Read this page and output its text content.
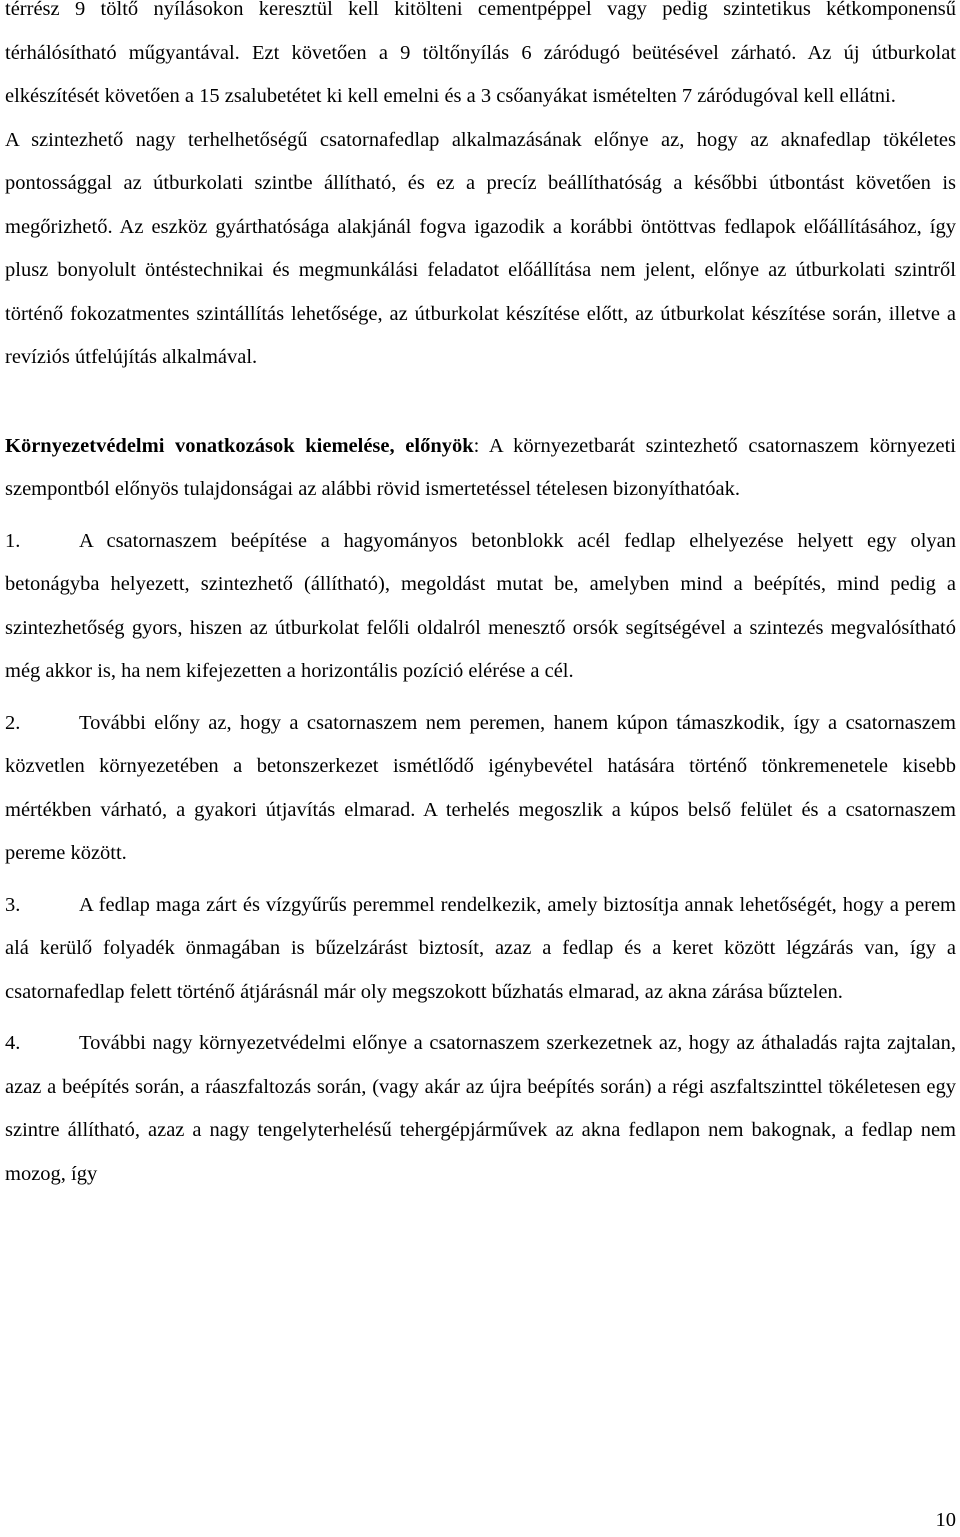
térrész 9 töltő nyílásokon keresztül kell kitölteni cementpéppel vagy pedig szintetikus kétkomponensű térhálósítható műgyantával. Ezt követően a 9 töltőnyílás 6 záródugó beütésével zárható. Az új útburkolat elkészítését követően a 15 zsalubetétet ki kell emelni és a 3 csőanyákat ismételten 7 záródugóval kell ellátni.

A szintezhető nagy terhelhetőségű csatornafedlap alkalmazásának előnye az, hogy az aknafedlap tökéletes pontossággal az útburkolati szintbe állítható, és ez a precíz beállíthatóság a későbbi útbontást követően is megőrizhető. Az eszköz gyárthatósága alakjánál fogva igazodik a korábbi öntöttvas fedlapok előállításához, így plusz bonyolult öntéstechnikai és megmunkálási feladatot előállítása nem jelent, előnye az útburkolati szintről történő fokozatmentes szintállítás lehetősége, az útburkolat készítése előtt, az útburkolat készítése során, illetve a revíziós útfelújítás alkalmával.

Környezetvédelmi vonatkozások kiemelése, előnyök: A környezetbarát szintezhető csatornaszem környezeti szempontból előnyös tulajdonságai az alábbi rövid ismertetéssel tételesen bizonyíthatóak.

1.	A csatornaszem beépítése a hagyományos betonblokk acél fedlap elhelyezése helyett egy olyan betonágyba helyezett, szintezhető (állítható), megoldást mutat be, amelyben mind a beépítés, mind pedig a szintezhetőség gyors, hiszen az útburkolat felőli oldalról menesztő orsók segítségével a szintezés megvalósítható még akkor is, ha nem kifejezetten a horizontális pozíció elérése a cél.

2.	További előny az, hogy a csatornaszem nem peremen, hanem kúpon támaszkodik, így a csatornaszem közvetlen környezetében a betonszerkezet ismétlődő igénybevétel hatására történő tönkremenetele kisebb mértékben várható, a gyakori útjavítás elmarad. A terhelés megoszlik a kúpos belső felület és a csatornaszem pereme között.

3.	A fedlap maga zárt és vízgyűrűs peremmel rendelkezik, amely biztosítja annak lehetőségét, hogy a perem alá kerülő folyadék önmagában is bűzelzárást biztosít, azaz a fedlap és a keret között légzárás van, így a csatornafedlap felett történő átjárásnál már oly megszokott bűzhatás elmarad, az akna zárása bűztelen.

4.	További nagy környezetvédelmi előnye a csatornaszem szerkezetnek az, hogy az áthaladás rajta zajtalan, azaz a beépítés során, a ráaszfaltozás során, (vagy akár az újra beépítés során) a régi aszfaltszinttel tökéletesen egy szintre állítható, azaz a nagy tengelyterhelésű tehergépjárművek az akna fedlapon nem bakognak, a fedlap nem mozog, így

10
